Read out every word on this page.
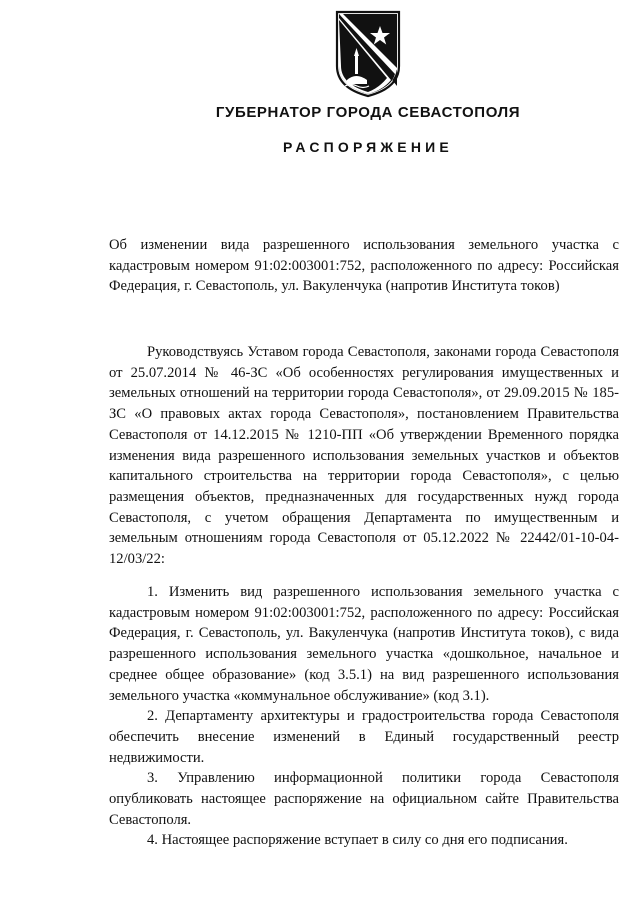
ГУБЕРНАТОР ГОРОДА СЕВАСТОПОЛЯ
РАСПОРЯЖЕНИЕ
Об изменении вида разрешенного использования земельного участка с кадастровым номером 91:02:003001:752, расположенного по адресу: Российская Федерация, г. Севастополь, ул. Вакуленчука (напротив Института токов)
Руководствуясь Уставом города Севастополя, законами города Севастополя от 25.07.2014 № 46-ЗС «Об особенностях регулирования имущественных и земельных отношений на территории города Севастополя», от 29.09.2015 № 185-ЗС «О правовых актах города Севастополя», постановлением Правительства Севастополя от 14.12.2015 № 1210-ПП «Об утверждении Временного порядка изменения вида разрешенного использования земельных участков и объектов капитального строительства на территории города Севастополя», с целью размещения объектов, предназначенных для государственных нужд города Севастополя, с учетом обращения Департамента по имущественным и земельным отношениям города Севастополя от 05.12.2022 № 22442/01-10-04-12/03/22:

1. Изменить вид разрешенного использования земельного участка с кадастровым номером 91:02:003001:752, расположенного по адресу: Российская Федерация, г. Севастополь, ул. Вакуленчука (напротив Института токов), с вида разрешенного использования земельного участка «дошкольное, начальное и среднее общее образование» (код 3.5.1) на вид разрешенного использования земельного участка «коммунальное обслуживание» (код 3.1).

2. Департаменту архитектуры и градостроительства города Севастополя обеспечить внесение изменений в Единый государственный реестр недвижимости.

3. Управлению информационной политики города Севастополя опубликовать настоящее распоряжение на официальном сайте Правительства Севастополя.

4. Настоящее распоряжение вступает в силу со дня его подписания.
